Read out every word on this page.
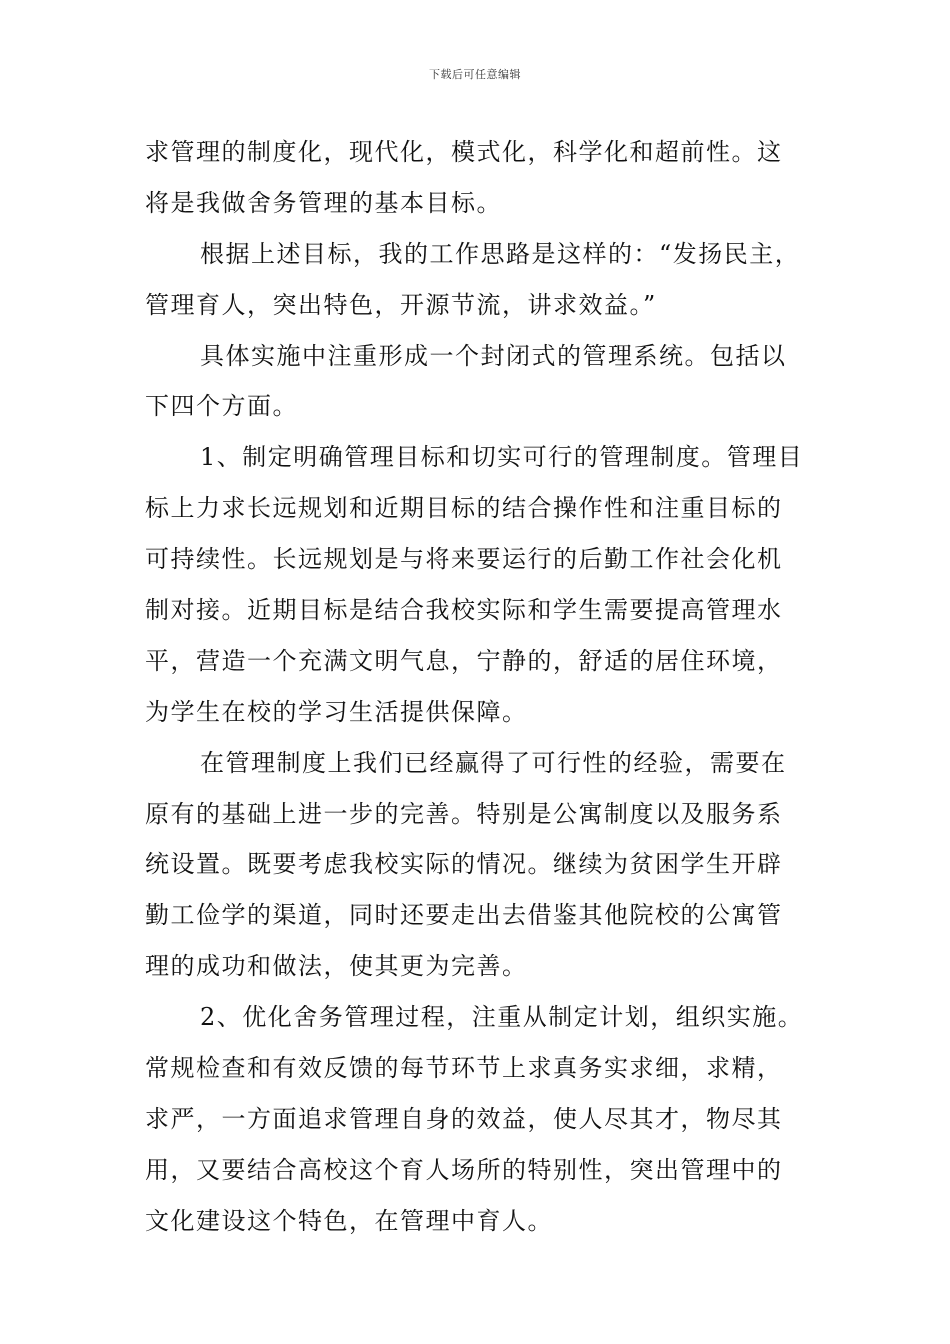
下载后可任意编辑
求管理的制度化，现代化，模式化，科学化和超前性。这
将是我做舍务管理的基本目标。
根据上述目标，我的工作思路是这样的：“发扬民主，
管理育人，突出特色，开源节流，讲求效益。”
具体实施中注重形成一个封闭式的管理系统。包括以
下四个方面。
1、制定明确管理目标和切实可行的管理制度。管理目
标上力求长远规划和近期目标的结合操作性和注重目标的
可持续性。长远规划是与将来要运行的后勤工作社会化机
制对接。近期目标是结合我校实际和学生需要提高管理水
平，营造一个充满文明气息，宁静的，舒适的居住环境，
为学生在校的学习生活提供保障。
在管理制度上我们已经赢得了可行性的经验，需要在
原有的基础上进一步的完善。特别是公寓制度以及服务系
统设置。既要考虑我校实际的情况。继续为贫困学生开辟
勤工俭学的渠道，同时还要走出去借鉴其他院校的公寓管
理的成功和做法，使其更为完善。
2、优化舍务管理过程，注重从制定计划，组织实施。
常规检查和有效反馈的每节环节上求真务实求细，求精，
求严，一方面追求管理自身的效益，使人尽其才，物尽其
用，又要结合高校这个育人场所的特别性，突出管理中的
文化建设这个特色，在管理中育人。
